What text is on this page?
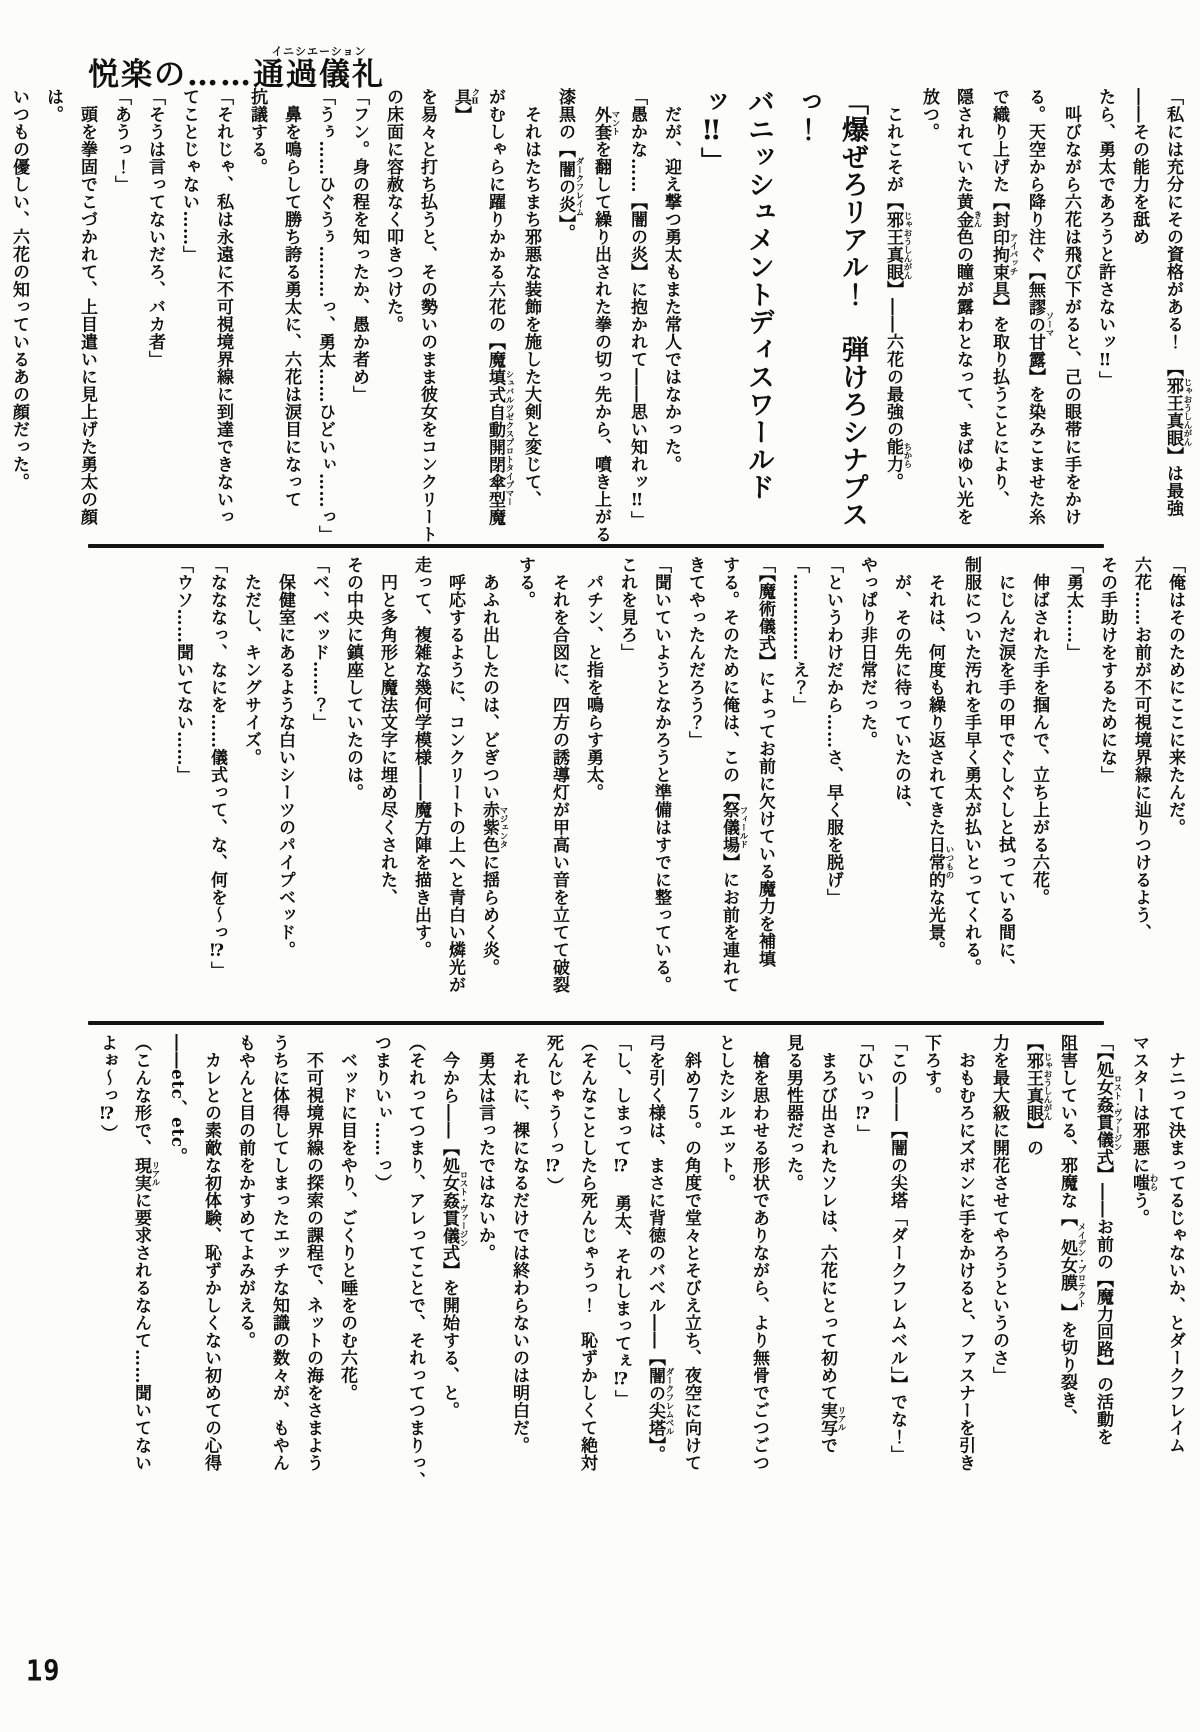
悦楽の……通過儀礼イニシエーション
「私には充分にその資格がある！　【邪王真眼 じゃおうしんがん】は最強
――その能力を舐め
たら、勇太であろうと許さないッ‼」
　叫びながら六花は飛び下がると、己の眼帯に手をかけ
る。天空から降り注ぐ【無謬の甘露 ソーマ】を染みこませた糸
で織り上げた【封印拘束具 アイパッチ】を取り払うことにより、
隠されていた黄金 きん色の瞳が露わとなって、まばゆい光を
放つ。
　これこそが【邪王真眼 じゃおうしんがん】――六花の最強の能力 ちから。
「爆ぜろリアル！　弾けろシナプスっ！
バニッシュメントディスワールドッ‼」
　だが、迎え撃つ勇太もまた常人ではなかった。
「愚かな……【闇の炎】に抱かれて――思い知れッ‼」
　外套 マントを翻して繰り出された拳の切っ先から、噴き上がる
漆黒の【闇の炎 ダークフレイム】。
　それはたちまち邪悪な装飾を施した大剣と変じて、
がむしゃらに躍りかかる六花の【魔填式自動開閉傘型魔具シュバルツゼクスプロトタイプマークⅡ】
を易々と打ち払うと、その勢いのまま彼女をコンクリート
の床面に容赦なく叩きつけた。
「フン。身の程を知ったか、愚か者め」
「うぅ……ひぐうぅ………っ、勇太……ひどいぃ……っ」
　鼻を鳴らして勝ち誇る勇太に、六花は涙目になって
抗議する。
「それじゃ、私は永遠に不可視境界線に到達できないっ
てことじゃない……」
「そうは言ってないだろ、バカ者」
「あうっ！」
　頭を拳固でこづかれて、上目遣いに見上げた勇太の顔は。
いつもの優しい、六花の知っているあの顔だった。
「俺はそのためにここに来たんだ。
六花……お前が不可視境界線に辿りつけるよう、
その手助けをするためにな」
「勇太……」
　伸ばされた手を掴んで、立ち上がる六花。
　にじんだ涙を手の甲でぐしぐしと拭っている間に、
制服についた汚れを手早く勇太が払いとってくれる。
　それは、何度も繰り返されてきた日常的 いつものな光景。
　が、その先に待っていたのは、
やっぱり非日常だった。
「というわけだから……さ、早く服を脱げ」
「……………え？」
「【魔術儀式】によってお前に欠けている魔力を補填
する。そのために俺は、この【祭儀場 フィールド】にお前を連れて
きてやったんだろう？」
「聞いていようとなかろうと準備はすでに整っている。
これを見ろ」
　パチン、と指を鳴らす勇太。
　それを合図に、四方の誘導灯が甲高い音を立てて破裂
する。
　あふれ出したのは、どぎつい赤紫色 マジェンタに揺らめく炎。
　呼応するように、コンクリートの上へと青白い燐光が
走って、複雑な幾何学模様――魔方陣を描き出す。
　円と多角形と魔法文字に埋め尽くされた、
その中央に鎮座していたのは。
「ベ、ベッド……？」
　保健室にあるような白いシーツのパイプベッド。
　ただし、キングサイズ。
「なななっ、なにを……儀式って、な、何を～っ⁉」
「ウソ……聞いてない……」
　ナニって決まってるじゃないか、とダークフレイム
マスターは邪悪に嗤 わらう。
「【処女姦貫儀式 ロスト・ヴァージン】――お前の【魔力回路】の活動を
阻害している、邪魔な【処女膜 メイデン・プロテクト】を切り裂き、【邪王真眼 じゃおうしんがん】の
力を最大級に開花させてやろうというのさ」
　おもむろにズボンに手をかけると、ファスナーを引き
下ろす。
「この――【闇の尖塔「ダークフレムベル」】でな！」
「ひいっ⁉」
　まろび出されたソレは、六花にとって初めて実写 リアルで
見る男性器だった。
　槍を思わせる形状でありながら、より無骨でごつごつ
としたシルエット。
　斜め７５。の角度で堂々とそびえ立ち、夜空に向けて
弓を引く様は、まさに背徳のバベル――【闇の尖塔 ダークフレムベル】。
「し、しまって⁉　勇太、それしまってぇ⁉」
（そんなことしたら死んじゃうっ！　恥ずかしくて絶対
死んじゃう～っ⁉）
　それに、裸になるだけでは終わらないのは明白だ。
　勇太は言ったではないか。
　今から――【処女姦貫儀式 ロスト・ヴァージン】を開始する、と。
（それってつまり、アレってことで、それってつまりっ、
つまりいぃ……っ）
　ベッドに目をやり、ごくりと唾をのむ六花。
　不可視境界線の探索の課程で、ネットの海をさまよう
うちに体得してしまったエッチな知識の数々が、もやん
もやんと目の前をかすめてよみがえる。
　カレとの素敵な初体験、恥ずかしくない初めての心得
――etc、etc。
（こんな形で、現実 リアルに要求されるなんて……聞いてない
よぉ～っ⁉）
19
